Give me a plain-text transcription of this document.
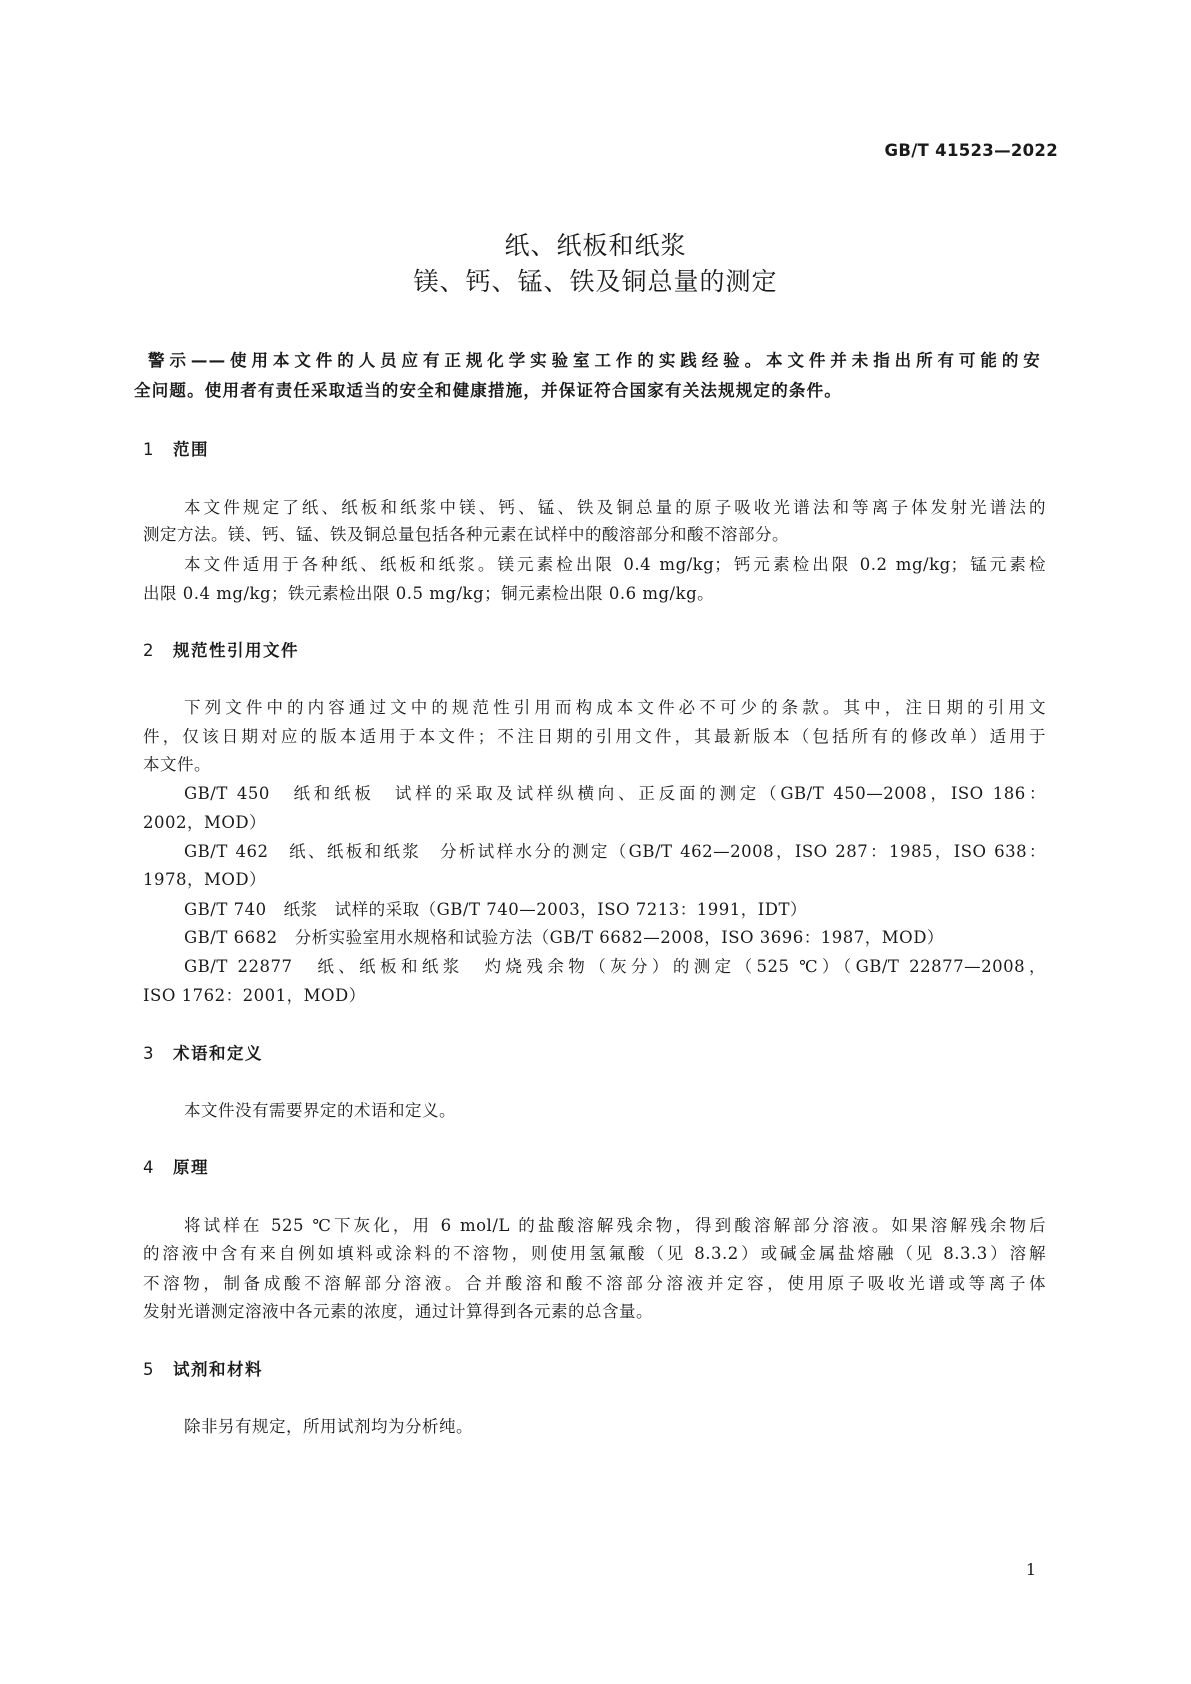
GB/T 41523—2022
纸、纸板和纸浆
镁、钙、锰、铁及铜总量的测定
警示——使用本文件的人员应有正规化学实验室工作的实践经验。本文件并未指出所有可能的安
全问题。使用者有责任采取适当的安全和健康措施，并保证符合国家有关法规规定的条件。
1 范围
本文件规定了纸、纸板和纸浆中镁、钙、锰、铁及铜总量的原子吸收光谱法和等离子体发射光谱法的
测定方法。镁、钙、锰、铁及铜总量包括各种元素在试样中的酸溶部分和酸不溶部分。
本文件适用于各种纸、纸板和纸浆。镁元素检出限 0.4 mg/kg；钙元素检出限 0.2 mg/kg；锰元素检
出限 0.4 mg/kg；铁元素检出限 0.5 mg/kg；铜元素检出限 0.6 mg/kg。
2 规范性引用文件
下列文件中的内容通过文中的规范性引用而构成本文件必不可少的条款。其中，注日期的引用文
件，仅该日期对应的版本适用于本文件；不注日期的引用文件，其最新版本（包括所有的修改单）适用于
本文件。
GB/T 450　纸和纸板　试样的采取及试样纵横向、正反面的测定（GB/T 450—2008，ISO 186：
2002，MOD）
GB/T 462　纸、纸板和纸浆　分析试样水分的测定（GB/T 462—2008，ISO 287：1985，ISO 638：
1978，MOD）
GB/T 740　纸浆　试样的采取（GB/T 740—2003，ISO 7213：1991，IDT）
GB/T 6682　分析实验室用水规格和试验方法（GB/T 6682—2008，ISO 3696：1987，MOD）
GB/T 22877　纸、纸板和纸浆　灼烧残余物（灰分）的测定（525 ℃）（GB/T 22877—2008，
ISO 1762：2001，MOD）
3 术语和定义
本文件没有需要界定的术语和定义。
4 原理
将试样在 525 ℃下灰化，用 6 mol/L 的盐酸溶解残余物，得到酸溶解部分溶液。如果溶解残余物后
的溶液中含有来自例如填料或涂料的不溶物，则使用氢氟酸（见 8.3.2）或碱金属盐熔融（见 8.3.3）溶解
不溶物，制备成酸不溶解部分溶液。合并酸溶和酸不溶部分溶液并定容，使用原子吸收光谱或等离子体
发射光谱测定溶液中各元素的浓度，通过计算得到各元素的总含量。
5 试剂和材料
除非另有规定，所用试剂均为分析纯。
1
